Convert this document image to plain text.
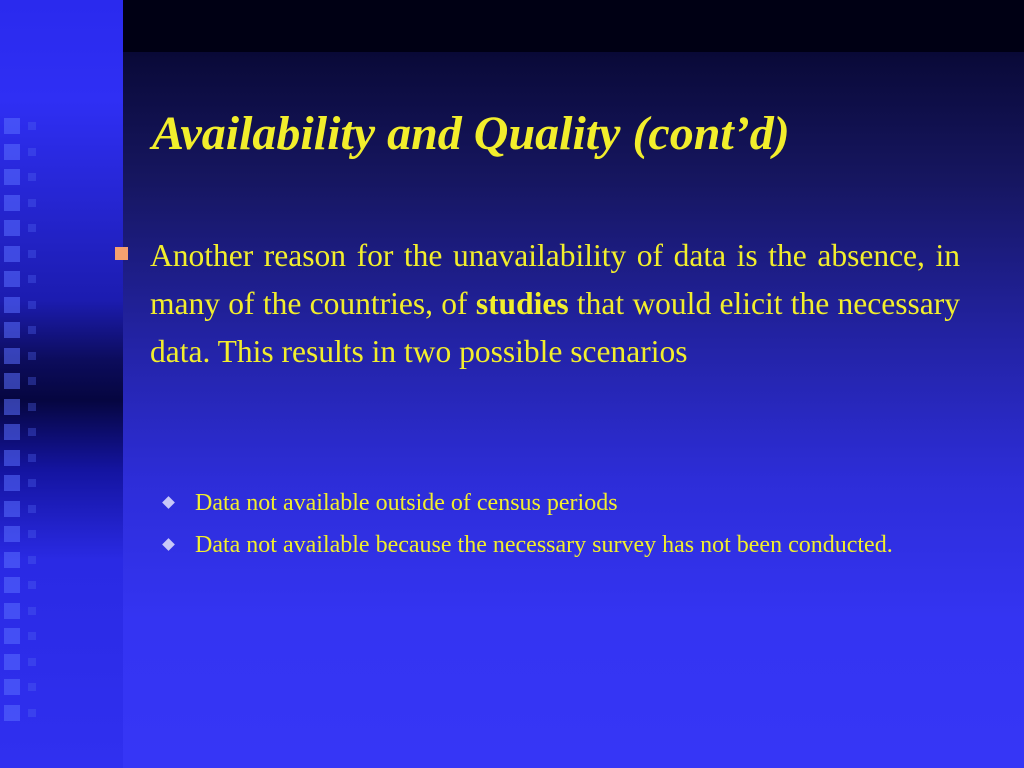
Availability and Quality (cont’d)

Another reason for the unavailability of data is the absence, in many of the countries, of studies that would elicit the necessary data. This results in two possible scenarios

Data not available outside of census periods
Data not available because the necessary survey has not been conducted.
